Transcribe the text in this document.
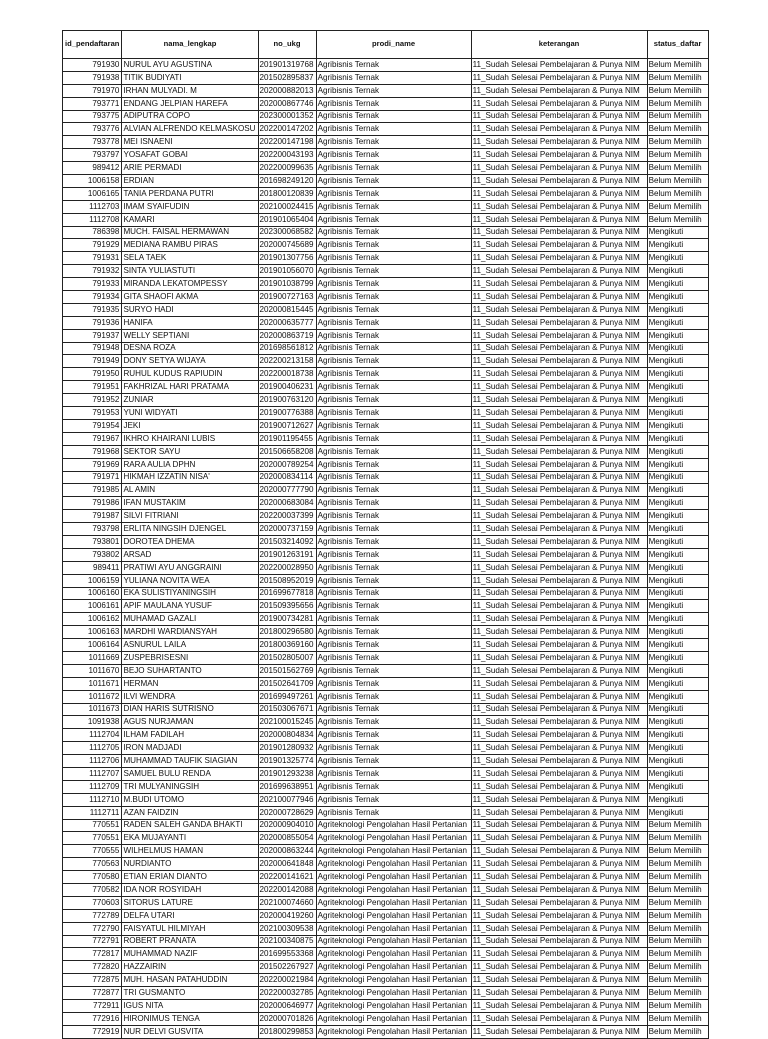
id_pendaftaran	nama_lengkap	no_ukg	prodi_name	keterangan	status_daftar
791930	NURUL AYU AGUSTINA	201901319768	Agribisnis Ternak	11_Sudah Selesai Pembelajaran & Punya NIM	Belum Memilih
791938	TITIK BUDIYATI	201502895837	Agribisnis Ternak	11_Sudah Selesai Pembelajaran & Punya NIM	Belum Memilih
791970	IRHAN MULYADI. M	202000882013	Agribisnis Ternak	11_Sudah Selesai Pembelajaran & Punya NIM	Belum Memilih
793771	ENDANG JELPIAN HAREFA	202000867746	Agribisnis Ternak	11_Sudah Selesai Pembelajaran & Punya NIM	Belum Memilih
793775	ADIPUTRA COPO	202300001352	Agribisnis Ternak	11_Sudah Selesai Pembelajaran & Punya NIM	Belum Memilih
793776	ALVIAN ALFRENDO KELMASKOSU	202200147202	Agribisnis Ternak	11_Sudah Selesai Pembelajaran & Punya NIM	Belum Memilih
793778	MEI ISNAENI	202200147198	Agribisnis Ternak	11_Sudah Selesai Pembelajaran & Punya NIM	Belum Memilih
793797	YOSAFAT GOBAI	202200043193	Agribisnis Ternak	11_Sudah Selesai Pembelajaran & Punya NIM	Belum Memilih
989412	ARIE PERMADI	202200099635	Agribisnis Ternak	11_Sudah Selesai Pembelajaran & Punya NIM	Belum Memilih
1006158	ERDIAN	201698249120	Agribisnis Ternak	11_Sudah Selesai Pembelajaran & Punya NIM	Belum Memilih
1006165	TANIA PERDANA PUTRI	201800120839	Agribisnis Ternak	11_Sudah Selesai Pembelajaran & Punya NIM	Belum Memilih
1112703	IMAM SYAIFUDIN	202100024415	Agribisnis Ternak	11_Sudah Selesai Pembelajaran & Punya NIM	Belum Memilih
1112708	KAMARI	201901065404	Agribisnis Ternak	11_Sudah Selesai Pembelajaran & Punya NIM	Belum Memilih
786398	MUCH. FAISAL HERMAWAN	202300068582	Agribisnis Ternak	11_Sudah Selesai Pembelajaran & Punya NIM	Mengikuti
791929	MEDIANA RAMBU PIRAS	202000745689	Agribisnis Ternak	11_Sudah Selesai Pembelajaran & Punya NIM	Mengikuti
791931	SELA TAEK	201901307756	Agribisnis Ternak	11_Sudah Selesai Pembelajaran & Punya NIM	Mengikuti
791932	SINTA YULIASTUTI	201901056070	Agribisnis Ternak	11_Sudah Selesai Pembelajaran & Punya NIM	Mengikuti
791933	MIRANDA LEKATOMPESSY	201901038799	Agribisnis Ternak	11_Sudah Selesai Pembelajaran & Punya NIM	Mengikuti
791934	GITA SHAOFI AKMA	201900727163	Agribisnis Ternak	11_Sudah Selesai Pembelajaran & Punya NIM	Mengikuti
791935	SURYO HADI	202000815445	Agribisnis Ternak	11_Sudah Selesai Pembelajaran & Punya NIM	Mengikuti
791936	HANIFA	202000635777	Agribisnis Ternak	11_Sudah Selesai Pembelajaran & Punya NIM	Mengikuti
791937	WELLY SEPTIANI	202000863719	Agribisnis Ternak	11_Sudah Selesai Pembelajaran & Punya NIM	Mengikuti
791948	DESNA ROZA	201698561812	Agribisnis Ternak	11_Sudah Selesai Pembelajaran & Punya NIM	Mengikuti
791949	DONY SETYA WIJAYA	202200213158	Agribisnis Ternak	11_Sudah Selesai Pembelajaran & Punya NIM	Mengikuti
791950	RUHUL KUDUS RAPIUDIN	202200018738	Agribisnis Ternak	11_Sudah Selesai Pembelajaran & Punya NIM	Mengikuti
791951	FAKHRIZAL HARI PRATAMA	201900406231	Agribisnis Ternak	11_Sudah Selesai Pembelajaran & Punya NIM	Mengikuti
791952	ZUNIAR	201900763120	Agribisnis Ternak	11_Sudah Selesai Pembelajaran & Punya NIM	Mengikuti
791953	YUNI WIDYATI	201900776388	Agribisnis Ternak	11_Sudah Selesai Pembelajaran & Punya NIM	Mengikuti
791954	JEKI	201900712627	Agribisnis Ternak	11_Sudah Selesai Pembelajaran & Punya NIM	Mengikuti
791967	IKHRO KHAIRANI LUBIS	201901195455	Agribisnis Ternak	11_Sudah Selesai Pembelajaran & Punya NIM	Mengikuti
791968	SEKTOR SAYU	201506658208	Agribisnis Ternak	11_Sudah Selesai Pembelajaran & Punya NIM	Mengikuti
791969	RARA AULIA DPHN	202000789254	Agribisnis Ternak	11_Sudah Selesai Pembelajaran & Punya NIM	Mengikuti
791971	HIKMAH IZZATIN NISA'	202000834114	Agribisnis Ternak	11_Sudah Selesai Pembelajaran & Punya NIM	Mengikuti
791985	AL AMIN	202000777790	Agribisnis Ternak	11_Sudah Selesai Pembelajaran & Punya NIM	Mengikuti
791986	IFAN MUSTAKIM	202000683084	Agribisnis Ternak	11_Sudah Selesai Pembelajaran & Punya NIM	Mengikuti
791987	SILVI FITRIANI	202200037399	Agribisnis Ternak	11_Sudah Selesai Pembelajaran & Punya NIM	Mengikuti
793798	ERLITA NINGSIH DJENGEL	202000737159	Agribisnis Ternak	11_Sudah Selesai Pembelajaran & Punya NIM	Mengikuti
793801	DOROTEA DHEMA	201503214092	Agribisnis Ternak	11_Sudah Selesai Pembelajaran & Punya NIM	Mengikuti
793802	ARSAD	201901263191	Agribisnis Ternak	11_Sudah Selesai Pembelajaran & Punya NIM	Mengikuti
989411	PRATIWI AYU ANGGRAINI	202200028950	Agribisnis Ternak	11_Sudah Selesai Pembelajaran & Punya NIM	Mengikuti
1006159	YULIANA NOVITA WEA	201508952019	Agribisnis Ternak	11_Sudah Selesai Pembelajaran & Punya NIM	Mengikuti
1006160	EKA SULISTIYANINGSIH	201699677818	Agribisnis Ternak	11_Sudah Selesai Pembelajaran & Punya NIM	Mengikuti
1006161	APIF MAULANA YUSUF	201509395656	Agribisnis Ternak	11_Sudah Selesai Pembelajaran & Punya NIM	Mengikuti
1006162	MUHAMAD GAZALI	201900734281	Agribisnis Ternak	11_Sudah Selesai Pembelajaran & Punya NIM	Mengikuti
1006163	MARDHI WARDIANSYAH	201800296580	Agribisnis Ternak	11_Sudah Selesai Pembelajaran & Punya NIM	Mengikuti
1006164	ASNURUL LAILA	201800369160	Agribisnis Ternak	11_Sudah Selesai Pembelajaran & Punya NIM	Mengikuti
1011669	ZUSPEBRISESNI	201502805007	Agribisnis Ternak	11_Sudah Selesai Pembelajaran & Punya NIM	Mengikuti
1011670	BEJO SUHARTANTO	201501562769	Agribisnis Ternak	11_Sudah Selesai Pembelajaran & Punya NIM	Mengikuti
1011671	HERMAN	201502641709	Agribisnis Ternak	11_Sudah Selesai Pembelajaran & Punya NIM	Mengikuti
1011672	ILVI WENDRA	201699497261	Agribisnis Ternak	11_Sudah Selesai Pembelajaran & Punya NIM	Mengikuti
1011673	DIAN HARIS SUTRISNO	201503067671	Agribisnis Ternak	11_Sudah Selesai Pembelajaran & Punya NIM	Mengikuti
1091938	AGUS NURJAMAN	202100015245	Agribisnis Ternak	11_Sudah Selesai Pembelajaran & Punya NIM	Mengikuti
1112704	ILHAM FADILAH	202000804834	Agribisnis Ternak	11_Sudah Selesai Pembelajaran & Punya NIM	Mengikuti
1112705	IRON MADJADI	201901280932	Agribisnis Ternak	11_Sudah Selesai Pembelajaran & Punya NIM	Mengikuti
1112706	MUHAMMAD TAUFIK SIAGIAN	201901325774	Agribisnis Ternak	11_Sudah Selesai Pembelajaran & Punya NIM	Mengikuti
1112707	SAMUEL BULU RENDA	201901293238	Agribisnis Ternak	11_Sudah Selesai Pembelajaran & Punya NIM	Mengikuti
1112709	TRI MULYANINGSIH	201699638951	Agribisnis Ternak	11_Sudah Selesai Pembelajaran & Punya NIM	Mengikuti
1112710	M.BUDI UTOMO	202100077946	Agribisnis Ternak	11_Sudah Selesai Pembelajaran & Punya NIM	Mengikuti
1112711	AZAN FAIDZIN	202000728629	Agribisnis Ternak	11_Sudah Selesai Pembelajaran & Punya NIM	Mengikuti
770551	RADEN SALEH GANDA BHAKTI	202000904010	Agriteknologi Pengolahan Hasil Pertanian	11_Sudah Selesai Pembelajaran & Punya NIM	Belum Memilih
770551	EKA MUJAYANTI	202000855054	Agriteknologi Pengolahan Hasil Pertanian	11_Sudah Selesai Pembelajaran & Punya NIM	Belum Memilih
770555	WILHELMUS HAMAN	202000863244	Agriteknologi Pengolahan Hasil Pertanian	11_Sudah Selesai Pembelajaran & Punya NIM	Belum Memilih
770563	NURDIANTO	202000641848	Agriteknologi Pengolahan Hasil Pertanian	11_Sudah Selesai Pembelajaran & Punya NIM	Belum Memilih
770580	ETIAN ERIAN DIANTO	202200141621	Agriteknologi Pengolahan Hasil Pertanian	11_Sudah Selesai Pembelajaran & Punya NIM	Belum Memilih
770582	IDA NOR ROSYIDAH	202200142088	Agriteknologi Pengolahan Hasil Pertanian	11_Sudah Selesai Pembelajaran & Punya NIM	Belum Memilih
770603	SITORUS LATURE	202100074660	Agriteknologi Pengolahan Hasil Pertanian	11_Sudah Selesai Pembelajaran & Punya NIM	Belum Memilih
772789	DELFA UTARI	202000419260	Agriteknologi Pengolahan Hasil Pertanian	11_Sudah Selesai Pembelajaran & Punya NIM	Belum Memilih
772790	FAISYATUL HILMIYAH	202100309538	Agriteknologi Pengolahan Hasil Pertanian	11_Sudah Selesai Pembelajaran & Punya NIM	Belum Memilih
772791	ROBERT PRANATA	202100340875	Agriteknologi Pengolahan Hasil Pertanian	11_Sudah Selesai Pembelajaran & Punya NIM	Belum Memilih
772817	MUHAMMAD NAZIF	201699553368	Agriteknologi Pengolahan Hasil Pertanian	11_Sudah Selesai Pembelajaran & Punya NIM	Belum Memilih
772820	HAZZAIRIN	201502267927	Agriteknologi Pengolahan Hasil Pertanian	11_Sudah Selesai Pembelajaran & Punya NIM	Belum Memilih
772875	MUH. HASAN PATAHUDDIN	202200021984	Agriteknologi Pengolahan Hasil Pertanian	11_Sudah Selesai Pembelajaran & Punya NIM	Belum Memilih
772877	TRI GUSMANTO	202200032785	Agriteknologi Pengolahan Hasil Pertanian	11_Sudah Selesai Pembelajaran & Punya NIM	Belum Memilih
772911	IGUS NITA	202000646977	Agriteknologi Pengolahan Hasil Pertanian	11_Sudah Selesai Pembelajaran & Punya NIM	Belum Memilih
772916	HIRONIMUS TENGA	202000701826	Agriteknologi Pengolahan Hasil Pertanian	11_Sudah Selesai Pembelajaran & Punya NIM	Belum Memilih
772919	NUR DELVI GUSVITA	201800299853	Agriteknologi Pengolahan Hasil Pertanian	11_Sudah Selesai Pembelajaran & Punya NIM	Belum Memilih
